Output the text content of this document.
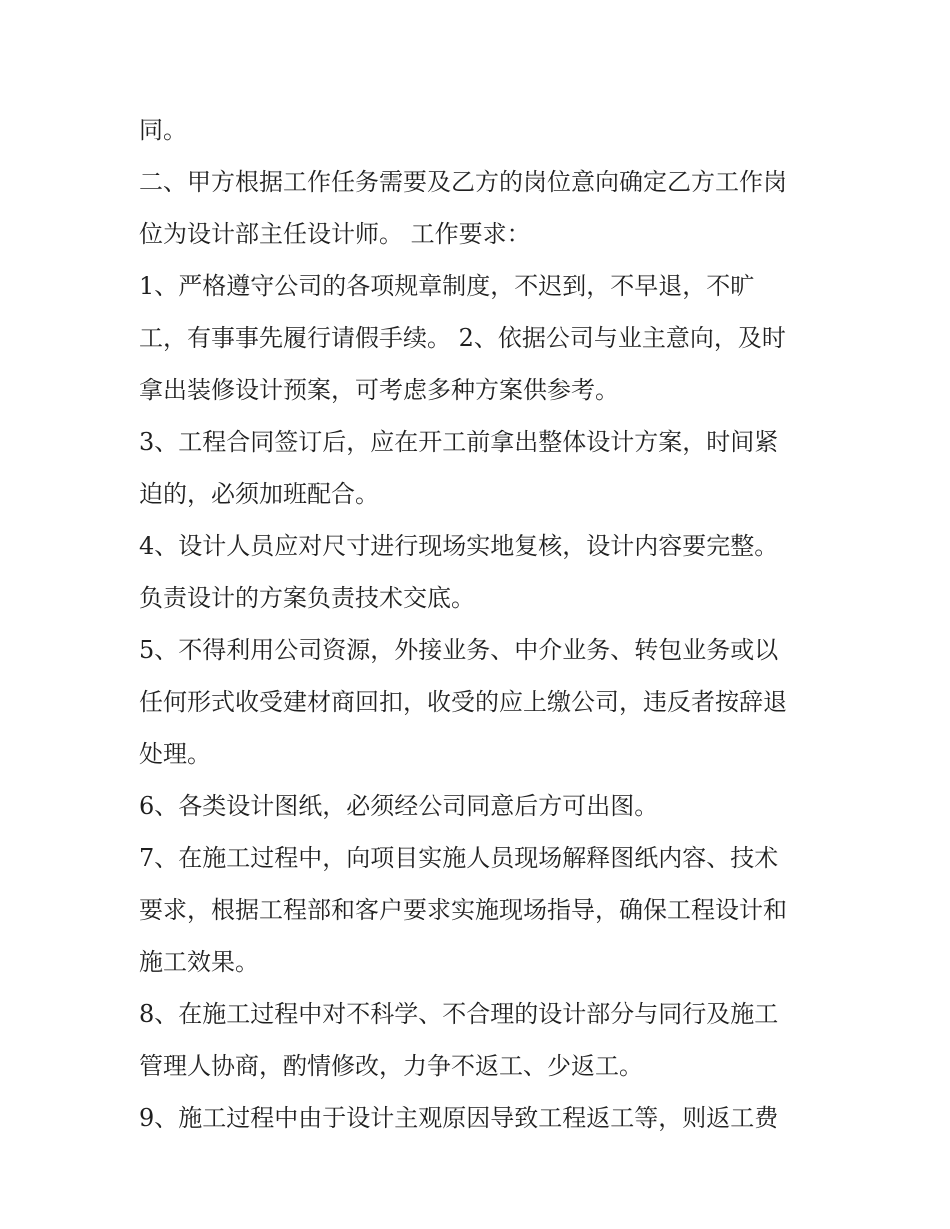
同。

二、甲方根据工作任务需要及乙方的岗位意向确定乙方工作岗

位为设计部主任设计师。 工作要求：

1、严格遵守公司的各项规章制度，不迟到，不早退，不旷

工，有事事先履行请假手续。 2、依据公司与业主意向，及时

拿出装修设计预案，可考虑多种方案供参考。

3、工程合同签订后，应在开工前拿出整体设计方案，时间紧

迫的，必须加班配合。

4、设计人员应对尺寸进行现场实地复核，设计内容要完整。

负责设计的方案负责技术交底。

5、不得利用公司资源，外接业务、中介业务、转包业务或以

任何形式收受建材商回扣，收受的应上缴公司，违反者按辞退

处理。

6、各类设计图纸，必须经公司同意后方可出图。

7、在施工过程中，向项目实施人员现场解释图纸内容、技术

要求，根据工程部和客户要求实施现场指导，确保工程设计和

施工效果。

8、在施工过程中对不科学、不合理的设计部分与同行及施工

管理人协商，酌情修改，力争不返工、少返工。

9、施工过程中由于设计主观原因导致工程返工等，则返工费
